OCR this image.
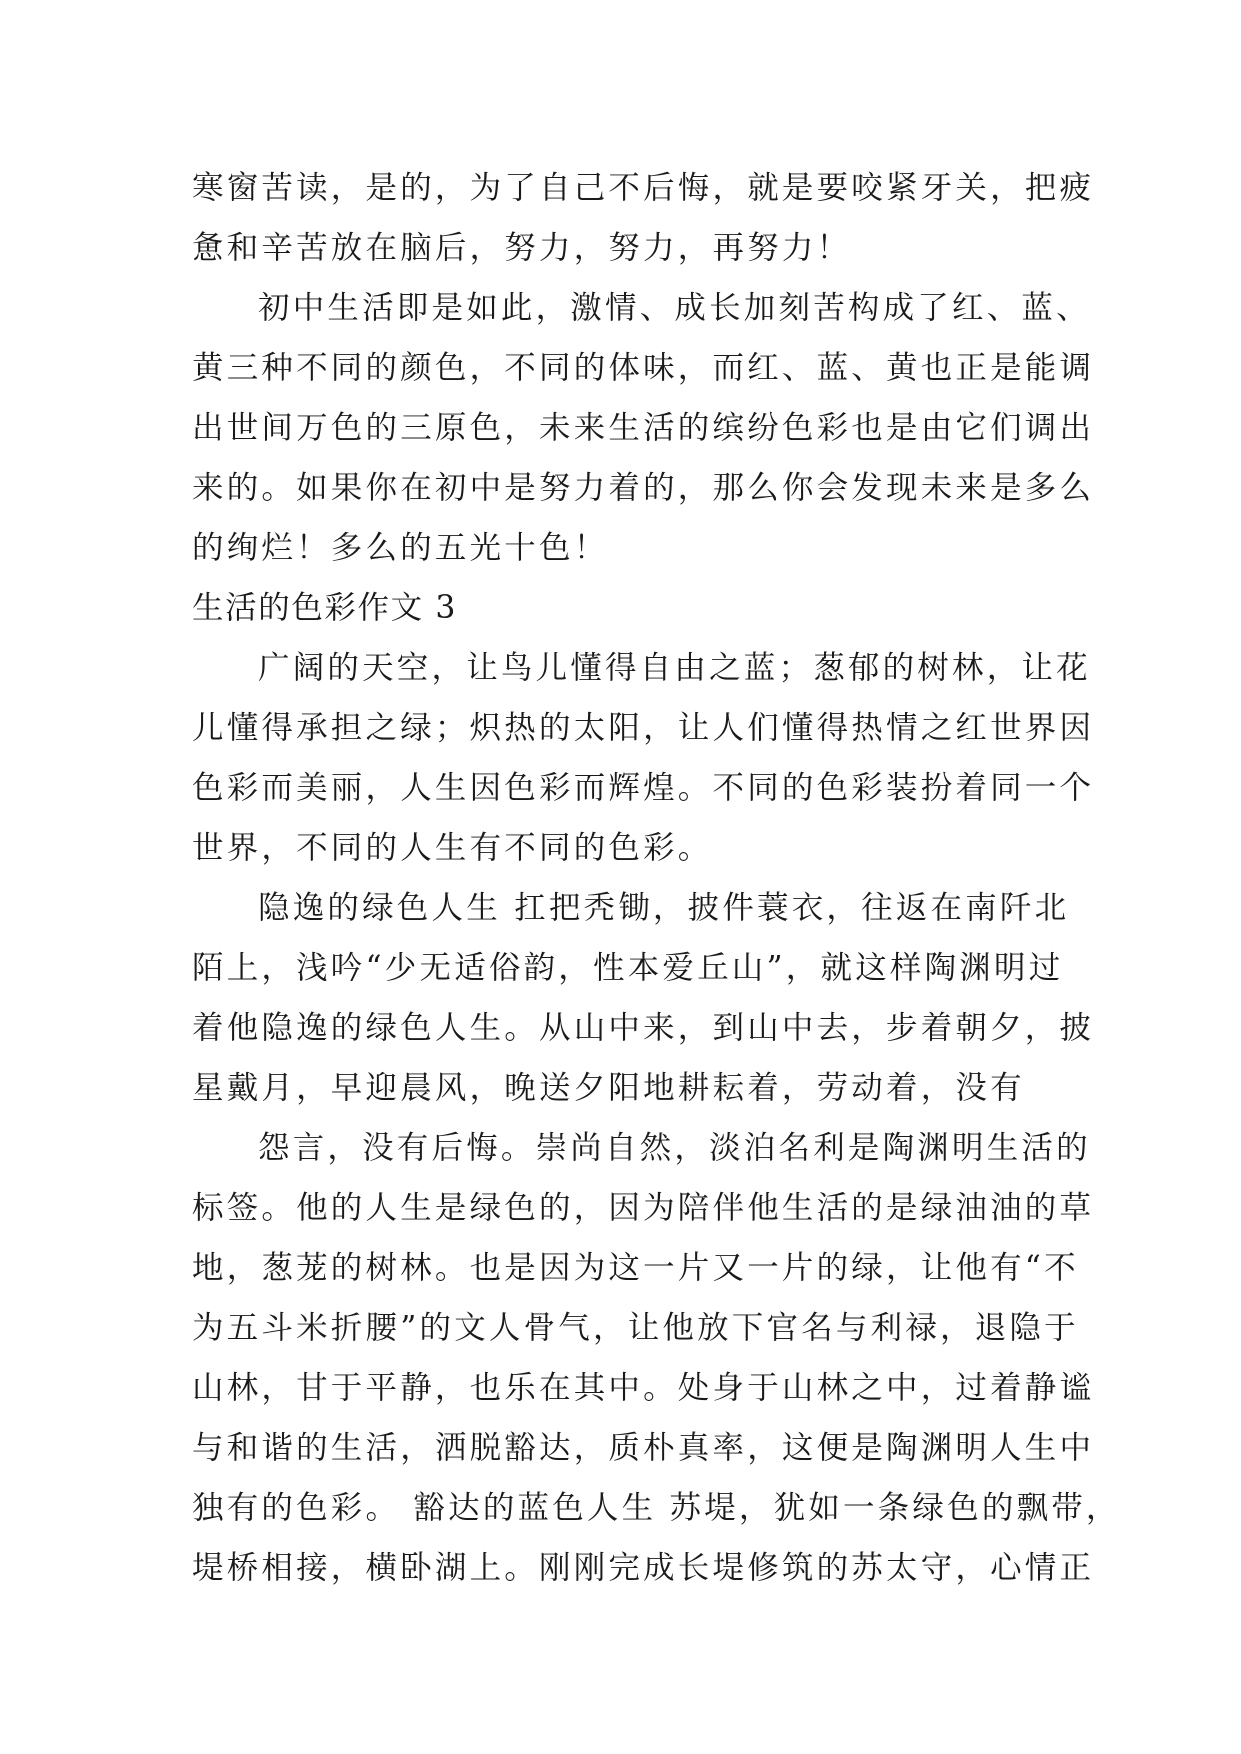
寒窗苦读，是的，为了自己不后悔，就是要咬紧牙关，把疲
惫和辛苦放在脑后，努力，努力，再努力！
初中生活即是如此，激情、成长加刻苦构成了红、蓝、
黄三种不同的颜色，不同的体味，而红、蓝、黄也正是能调
出世间万色的三原色，未来生活的缤纷色彩也是由它们调出
来的。如果你在初中是努力着的，那么你会发现未来是多么
的绚烂！多么的五光十色！
生活的色彩作文 3
广阔的天空，让鸟儿懂得自由之蓝；葱郁的树林，让花
儿懂得承担之绿；炽热的太阳，让人们懂得热情之红世界因
色彩而美丽，人生因色彩而辉煌。不同的色彩装扮着同一个
世界，不同的人生有不同的色彩。
隐逸的绿色人生 扛把秃锄，披件蓑衣，往返在南阡北
陌上，浅吟“少无适俗韵，性本爱丘山”，就这样陶渊明过
着他隐逸的绿色人生。从山中来，到山中去，步着朝夕，披
星戴月，早迎晨风，晚送夕阳地耕耘着，劳动着，没有
怨言，没有后悔。崇尚自然，淡泊名利是陶渊明生活的
标签。他的人生是绿色的，因为陪伴他生活的是绿油油的草
地，葱茏的树林。也是因为这一片又一片的绿，让他有“不
为五斗米折腰”的文人骨气，让他放下官名与利禄，退隐于
山林，甘于平静，也乐在其中。处身于山林之中，过着静谧
与和谐的生活，洒脱豁达，质朴真率，这便是陶渊明人生中
独有的色彩。 豁达的蓝色人生 苏堤，犹如一条绿色的飘带，
堤桥相接，横卧湖上。刚刚完成长堤修筑的苏太守，心情正
